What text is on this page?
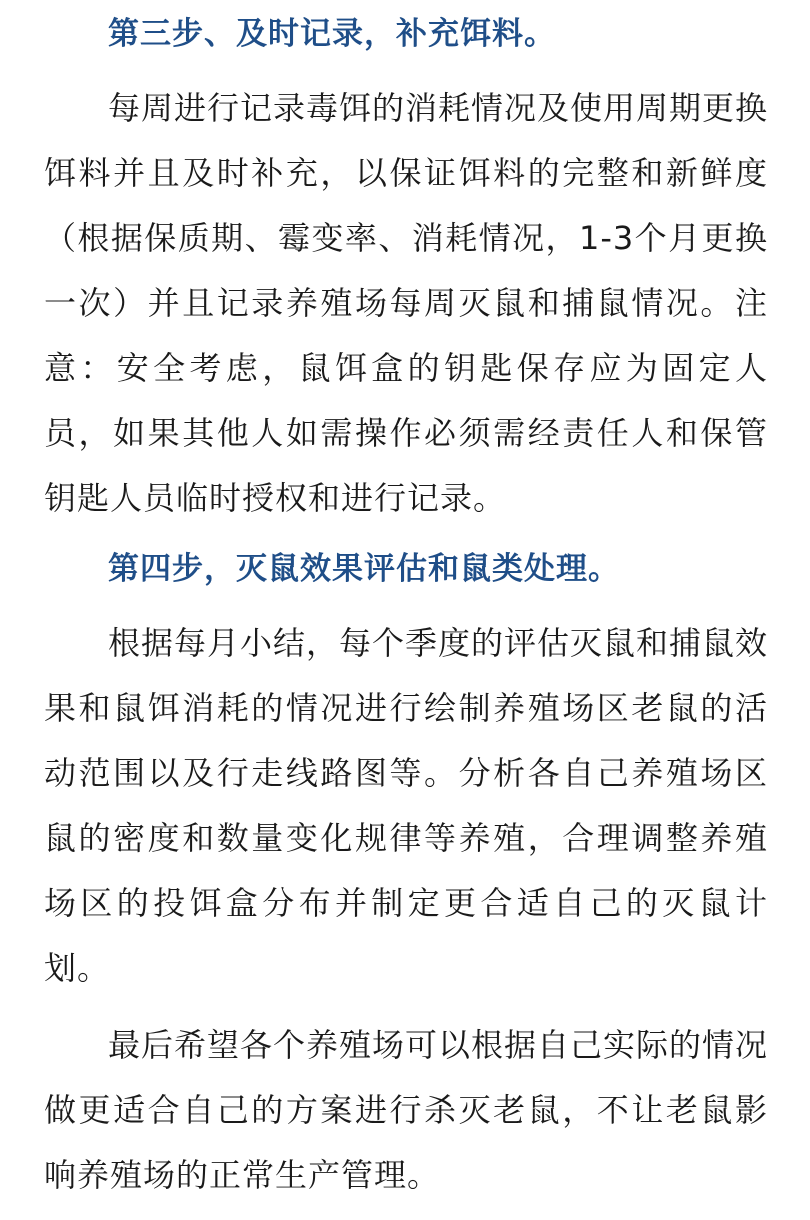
第三步、及时记录，补充饵料。

每周进行记录毒饵的消耗情况及使用周期更换饵料并且及时补充，以保证饵料的完整和新鲜度（根据保质期、霉变率、消耗情况，1-3个月更换一次）并且记录养殖场每周灭鼠和捕鼠情况。注意：安全考虑，鼠饵盒的钥匙保存应为固定人员，如果其他人如需操作必须需经责任人和保管钥匙人员临时授权和进行记录。

第四步，灭鼠效果评估和鼠类处理。

根据每月小结，每个季度的评估灭鼠和捕鼠效果和鼠饵消耗的情况进行绘制养殖场区老鼠的活动范围以及行走线路图等。分析各自己养殖场区鼠的密度和数量变化规律等养殖，合理调整养殖场区的投饵盒分布并制定更合适自己的灭鼠计划。

最后希望各个养殖场可以根据自己实际的情况做更适合自己的方案进行杀灭老鼠，不让老鼠影响养殖场的正常生产管理。
